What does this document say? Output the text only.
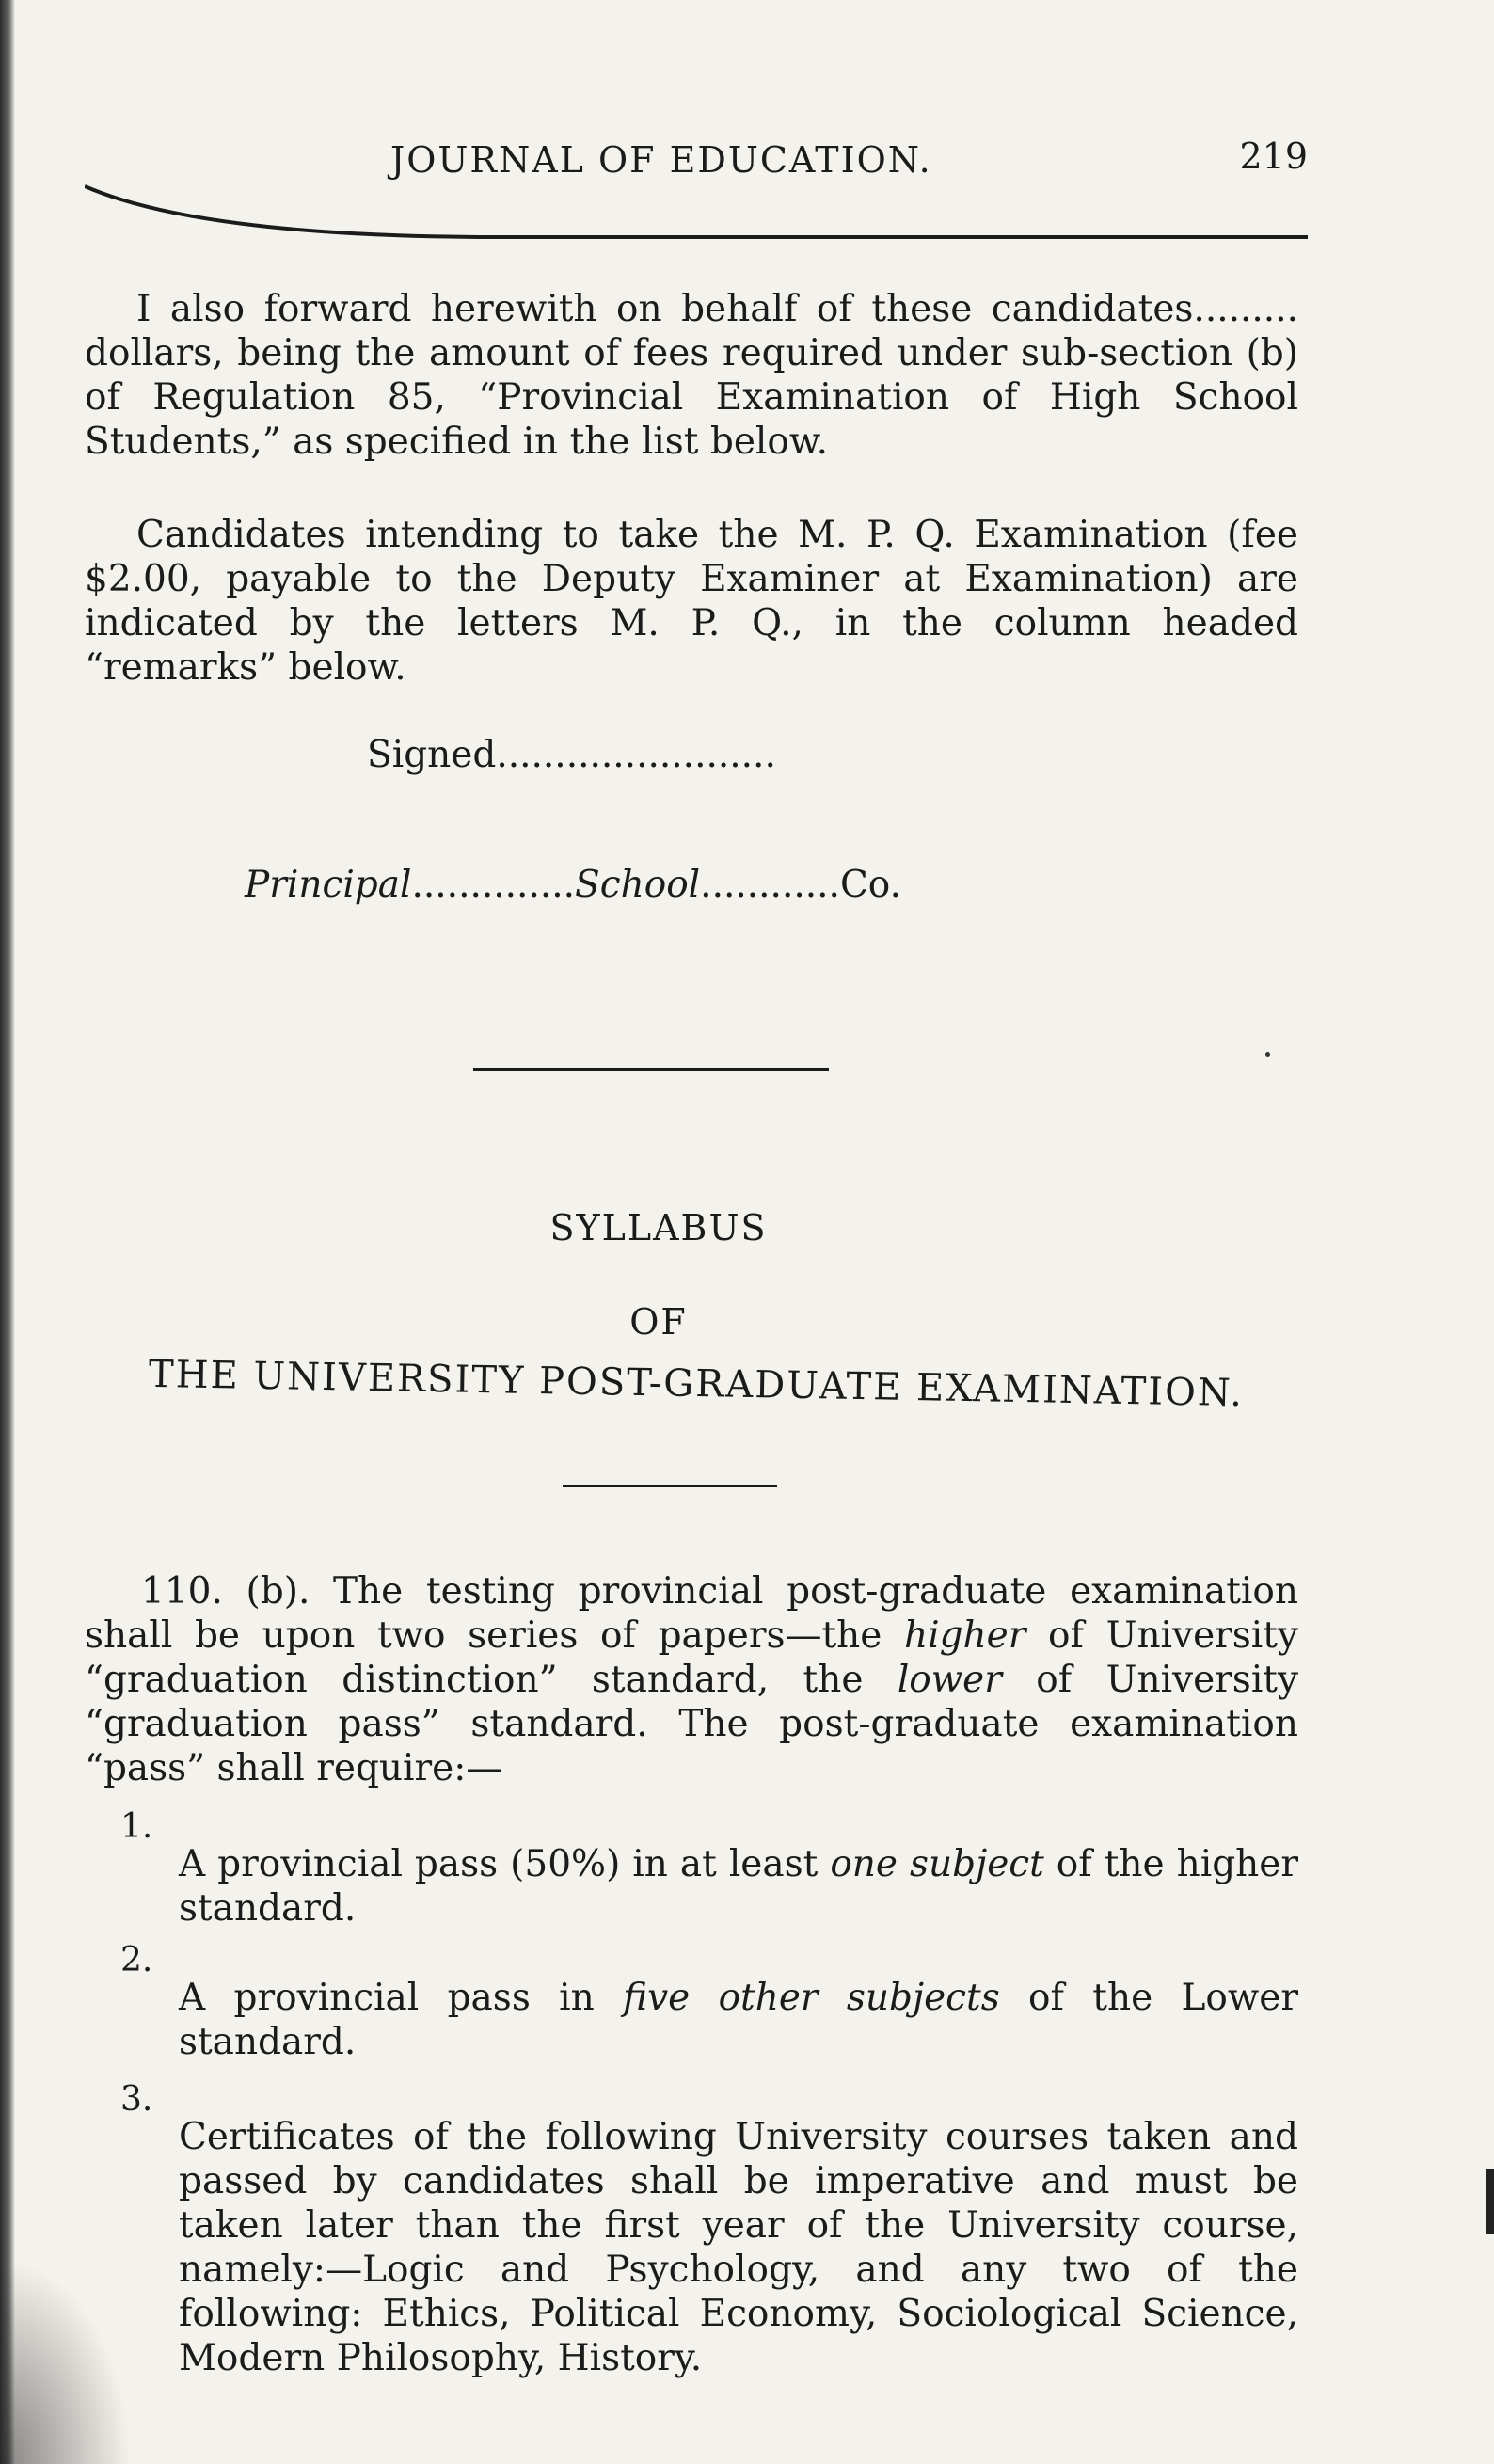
JOURNAL OF EDUCATION.	219

I also forward herewith on behalf of these candidates......... dollars, being the amount of fees required under sub-section (b) of Regulation 85, “Provincial Examination of High School Students,” as specified in the list below.

Candidates intending to take the M. P. Q. Examination (fee $2.00, payable to the Deputy Examiner at Examination) are indicated by the letters M. P. Q., in the column headed “remarks” below.

Signed........................
Principal..............School............Co.
SYLLABUS
OF
THE UNIVERSITY POST-GRADUATE EXAMINATION.

110. (b). The testing provincial post-graduate examination shall be upon two series of papers—the higher of University “graduation distinction” standard, the lower of University “graduation pass” standard. The post-graduate examination “pass” shall require:—

1.
A provincial pass (50%) in at least one subject of the higher standard.
2.
A provincial pass in five other subjects of the Lower standard.
3.
Certificates of the following University courses taken and passed by candidates shall be imperative and must be taken later than the first year of the University course, namely:—Logic and Psychology, and any two of the following: Ethics, Political Economy, Sociological Science, Modern Philosophy, History.
